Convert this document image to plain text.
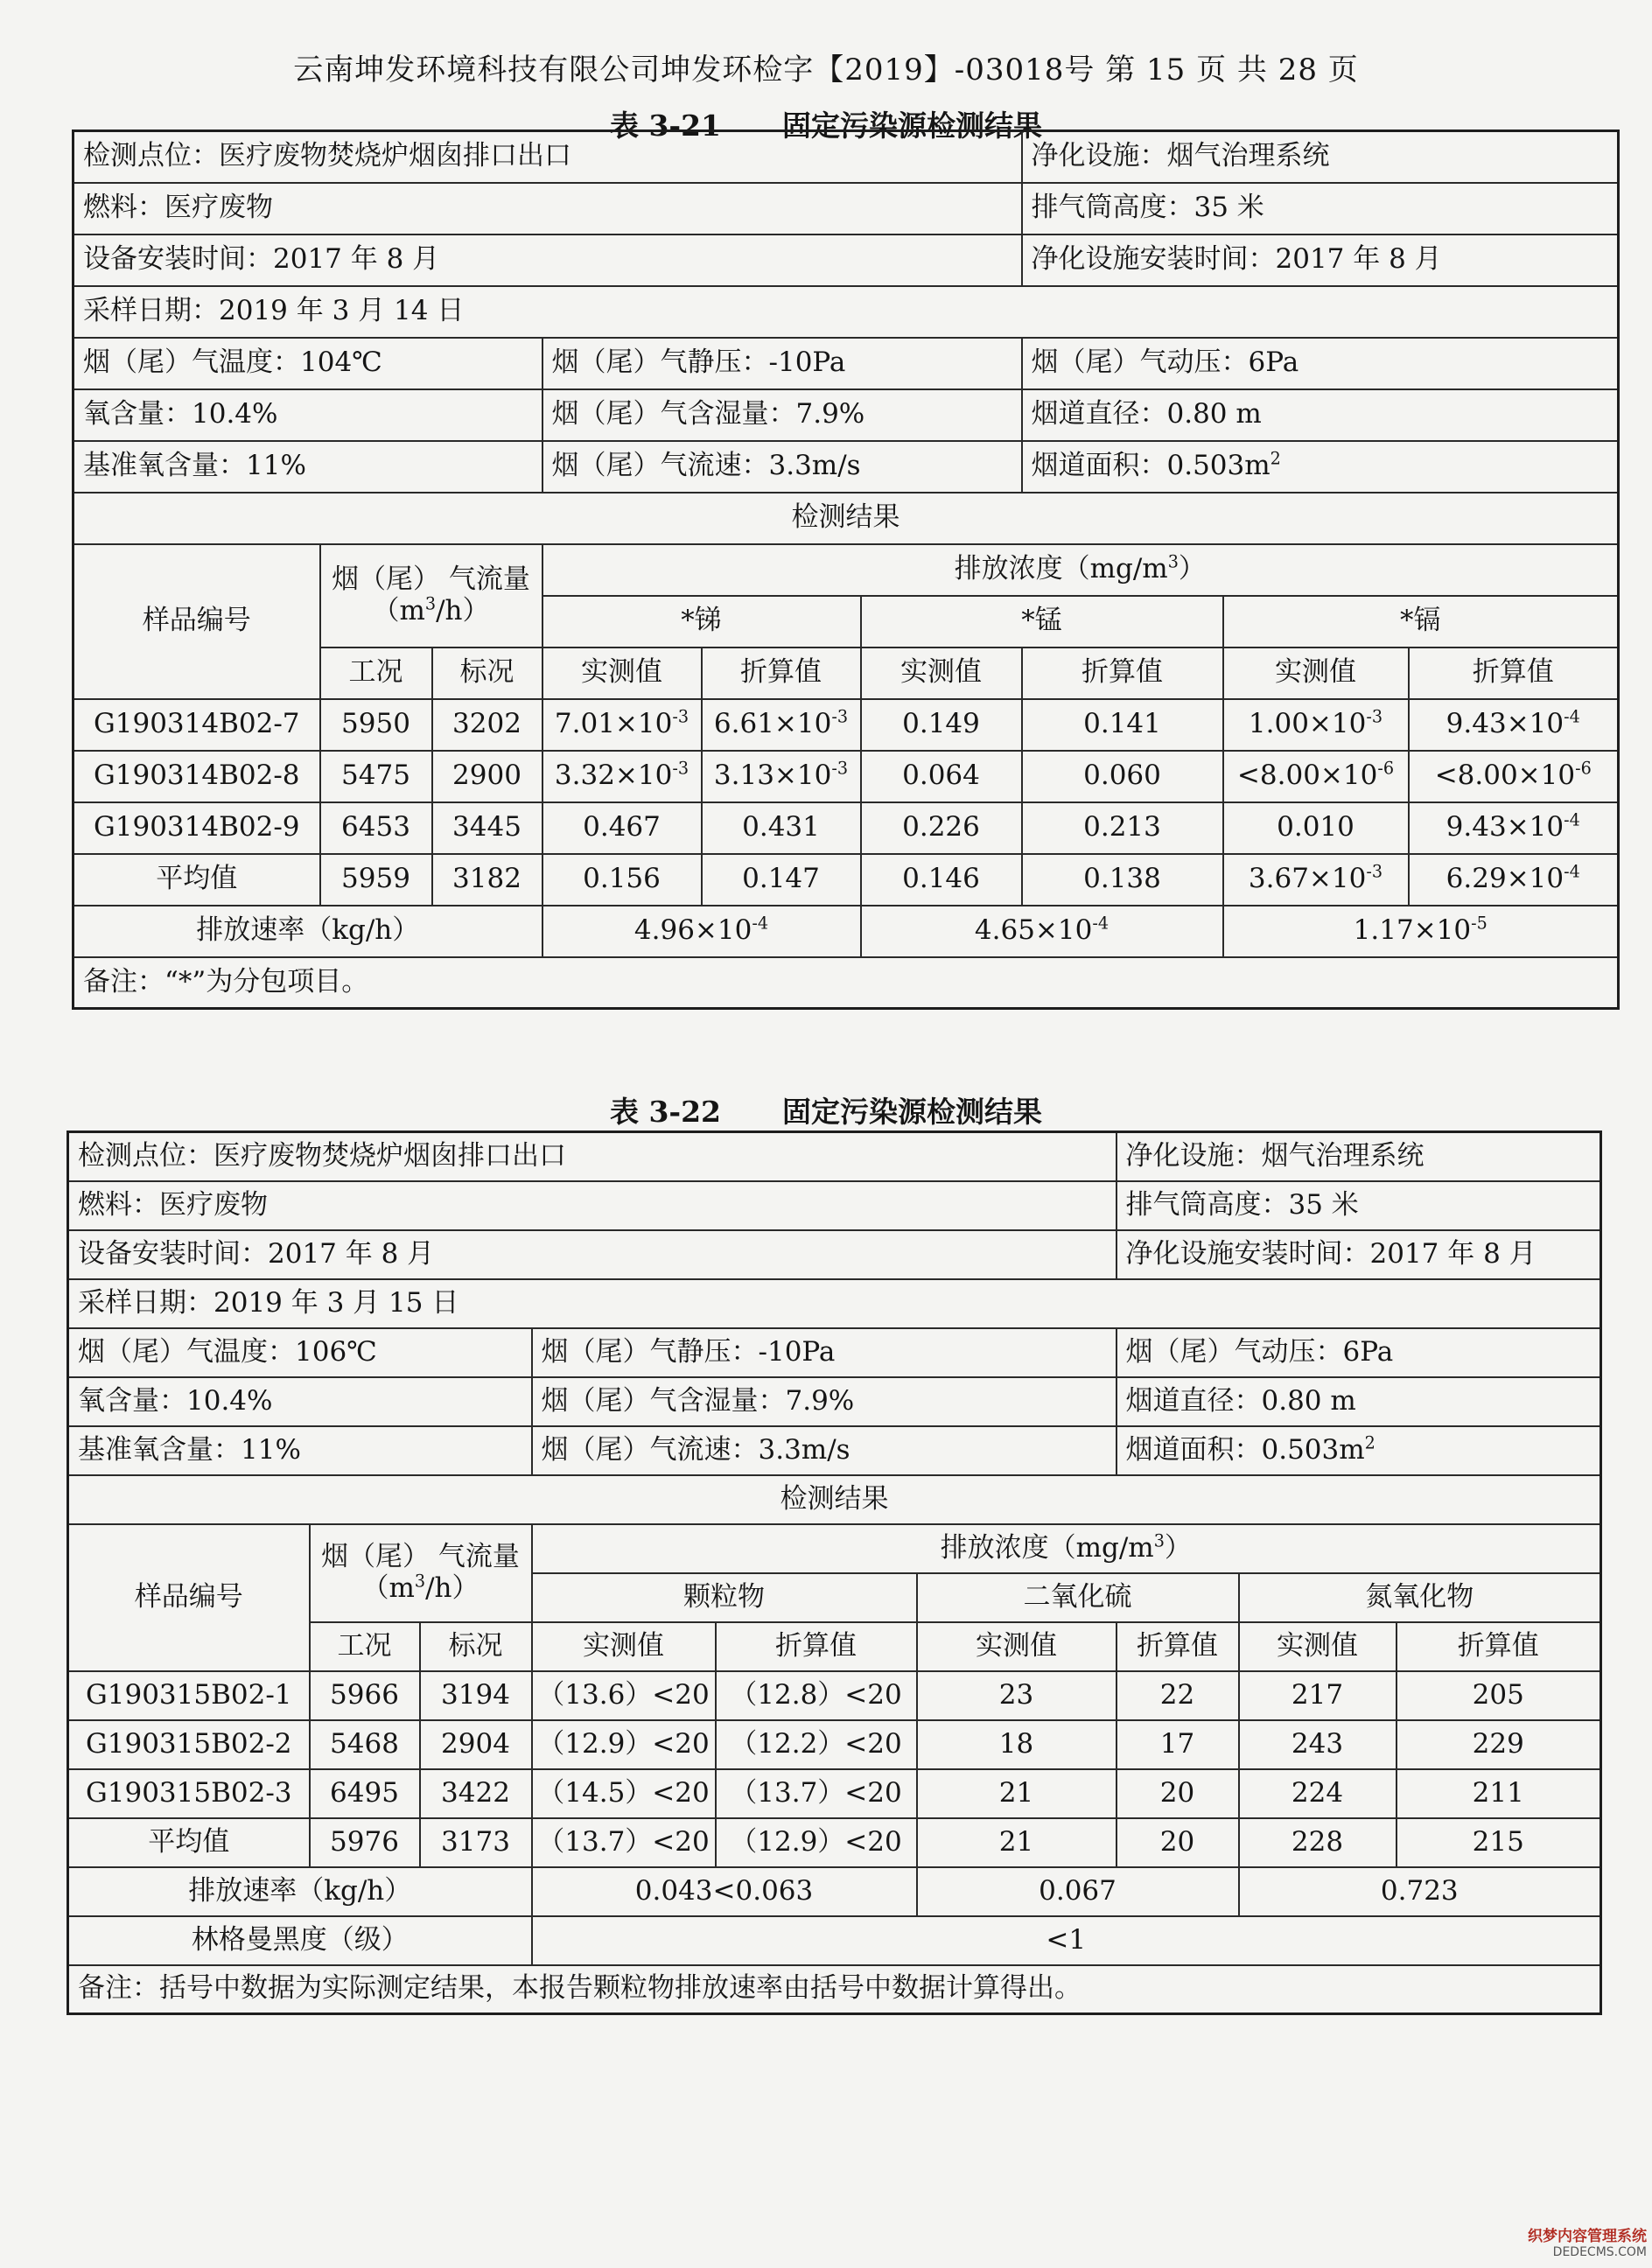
云南坤发环境科技有限公司坤发环检字【2019】-03018号 第 15 页 共 28 页
表 3-21 固定污染源检测结果
检测点位：医疗废物焚烧炉烟囱排口出口						净化设施：烟气治理系统		
燃料：医疗废物						排气筒高度：35 米		
设备安装时间：2017 年 8 月						净化设施安装时间：2017 年 8 月		
采样日期：2019 年 3 月 14 日								
烟（尾）气温度：104℃			烟（尾）气静压：-10Pa			烟（尾）气动压：6Pa		
氧含量：10.4%			烟（尾）气含湿量：7.9%			烟道直径：0.80 m		
基准氧含量：11%			烟（尾）气流速：3.3m/s			烟道面积：$0.503m^2$
检测结果								
样品编号	烟（尾） 气流量$(m^3/h)$		排放浓度$(mg/m^3)$					
			*锑		*锰		*镉	
	工况	标况	实测值	折算值	实测值	折算值	实测值	折算值
G190314B02-7	5950	3202	$7.01\times 10^{-3}$	$6.61\times 10^{-3}$	0.149	0.141	$1.00\times 10^{-3}$	$9.43\times 10^{-4}$
G190314B02-8	5475	2900	$3.32\times 10^{-3}$	$3.13\times 10^{-3}$	0.064	0.060	$<8.00\times 10^{-6}$	$<8.00\times 10^{-6}$
G190314B02-9	6453	3445	0.467	0.431	0.226	0.213	0.010	$9.43\times 10^{-4}$
平均值	5959	3182	0.156	0.147	0.146	0.138	$3.67\times 10^{-3}$	$6.29\times 10^{-4}$
排放速率（kg/h）			$4.96\times 10^{-4}$		$4.65\times 10^{-4}$		$1.17\times 10^{-5}$
备注：“*”为分包项目。								
表 3-22 固定污染源检测结果
检测点位：医疗废物焚烧炉烟囱排口出口						净化设施：烟气治理系统		
燃料：医疗废物						排气筒高度：35 米		
设备安装时间：2017 年 8 月						净化设施安装时间：2017 年 8 月		
采样日期：2019 年 3 月 15 日								
烟（尾）气温度：106℃			烟（尾）气静压：-10Pa			烟（尾）气动压：6Pa		
氧含量：10.4%			烟（尾）气含湿量：7.9%			烟道直径：0.80 m		
基准氧含量：11%			烟（尾）气流速：3.3m/s			烟道面积：$0.503m^2$
检测结果								
样品编号	烟（尾） 气流量$(m^3/h)$		排放浓度$(mg/m^3)$					
			颗粒物		二氧化硫		氮氧化物	
	工况	标况	实测值	折算值	实测值	折算值	实测值	折算值
G190315B02-1	5966	3194	（13.6）<20	（12.8）<20	23	22	217	205
G190315B02-2	5468	2904	（12.9）<20	（12.2）<20	18	17	243	229
G190315B02-3	6495	3422	（14.5）<20	（13.7）<20	21	20	224	211
平均值	5976	3173	（13.7）<20	（12.9）<20	21	20	228	215
排放速率（kg/h）			0.043<0.063		0.067		0.723	
林格曼黑度（级）			<1					
备注：括号中数据为实际测定结果，本报告颗粒物排放速率由括号中数据计算得出。								
织梦内容管理系统
DEDECMS.COM
